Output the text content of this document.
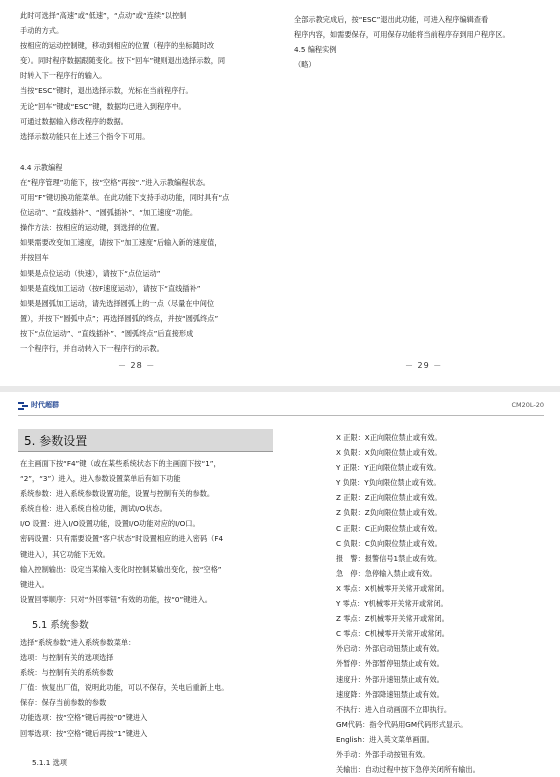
此时可选择“高速”或“低速”，“点动”或“连续”以控制
手动的方式。
按相应的运动控制键，移动到相应的位置（程序的坐标随时改
变）。同时程序数据跟随变化。按下“回车”键则退出选择示数，同
时转入下一程序行的输入。
当按“ESC”键时，退出选择示数，光标在当前程序行。
无论“回车”键或“ESC”键，数据均已进入到程序中。
可通过数据输入修改程序的数据。
选择示数功能只在上述三个指令下可用。
4.4 示教编程
在“程序管理”功能下，按“空格”再按“.”进入示教编程状态。
可用“F”键切换功能菜单。在此功能下支持手动功能，同时具有“点
位运动”、“直线插补”、“圆弧插补”、“加工速度”功能。
操作方法：按相应的运动键，到选择的位置。
如果需要改变加工速度，请按下“加工速度”后输入新的速度值，
并按回车
如果是点位运动（快速），请按下“点位运动”
如果是直线加工运动（按F速度运动），请按下“直线插补”
如果是圆弧加工运动，请先选择圆弧上的一点（尽量在中间位
置），并按下“圆弧中点”；再选择圆弧的终点，并按“圆弧终点”
按下“点位运动”、“直线插补”、“圆弧终点”后直接形成
一个程序行，并自动转入下一程序行的示教。
全部示教完成后，按“ESC”退出此功能，可进入程序编辑查看
程序内容，如需要保存，可用保存功能将当前程序存到用户程序区。
4.5 编程实例
（略）
－ 28 －	－ 29 －
时代超群	CM20L-20
5. 参数设置
在主画面下按“F4”键（或在某些系统状态下的主画面下按“1”，
“2”，“3”）进入，进入参数设置菜单后有如下功能
系统参数：进入系统参数设置功能，设置与控制有关的参数。
系统自检：进入系统自检功能，测试I/O状态。
I/O 设置：进入I/O设置功能，设置I/O功能对应的I/O口。
密码设置：只有需要设置“客户状态”时设置相应的进入密码（F4
键进入），其它功能下无效。
输入控制输出：设定当某输入变化时控制某输出变化，按“空格”
键进入。
设置回零顺序：只对“外回零钮”有效的功能，按“0”键进入。
5.1 系统参数
选择“系统参数”进入系统参数菜单：
选项：与控制有关的选项选择
系统：与控制有关的系统参数
厂值：恢复出厂值，说明此功能，可以不保存，关电后重新上电。
保存：保存当前参数的参数
功能选项：按“空格”键后再按“0”键进入
回零选项：按“空格”键后再按“1”键进入
5.1.1 选项
X 正限：X正向限位禁止或有效。
X 负限：X负向限位禁止或有效。
Y 正限：Y正向限位禁止或有效。
Y 负限：Y负向限位禁止或有效。
Z 正限：Z正向限位禁止或有效。
Z 负限：Z负向限位禁止或有效。
C 正限：C正向限位禁止或有效。
C 负限：C负向限位禁止或有效。
报　警：报警信号1禁止或有效。
急　停：急停输入禁止或有效。
X 零点：X机械零开关常开或常闭。
Y 零点：Y机械零开关常开或常闭。
Z 零点：Z机械零开关常开或常闭。
C 零点：C机械零开关常开或常闭。
外启动：外部启动钮禁止或有效。
外暂停：外部暂停钮禁止或有效。
速度升：外部升速钮禁止或有效。
速度降：外部降速钮禁止或有效。
不执行：进入自动画面不立即执行。
GM代码：指令代码用GM代码形式显示。
English：进入英文菜单画面。
外手动：外部手动按钮有效。
关输出：自动过程中按下急停关闭所有输出。
